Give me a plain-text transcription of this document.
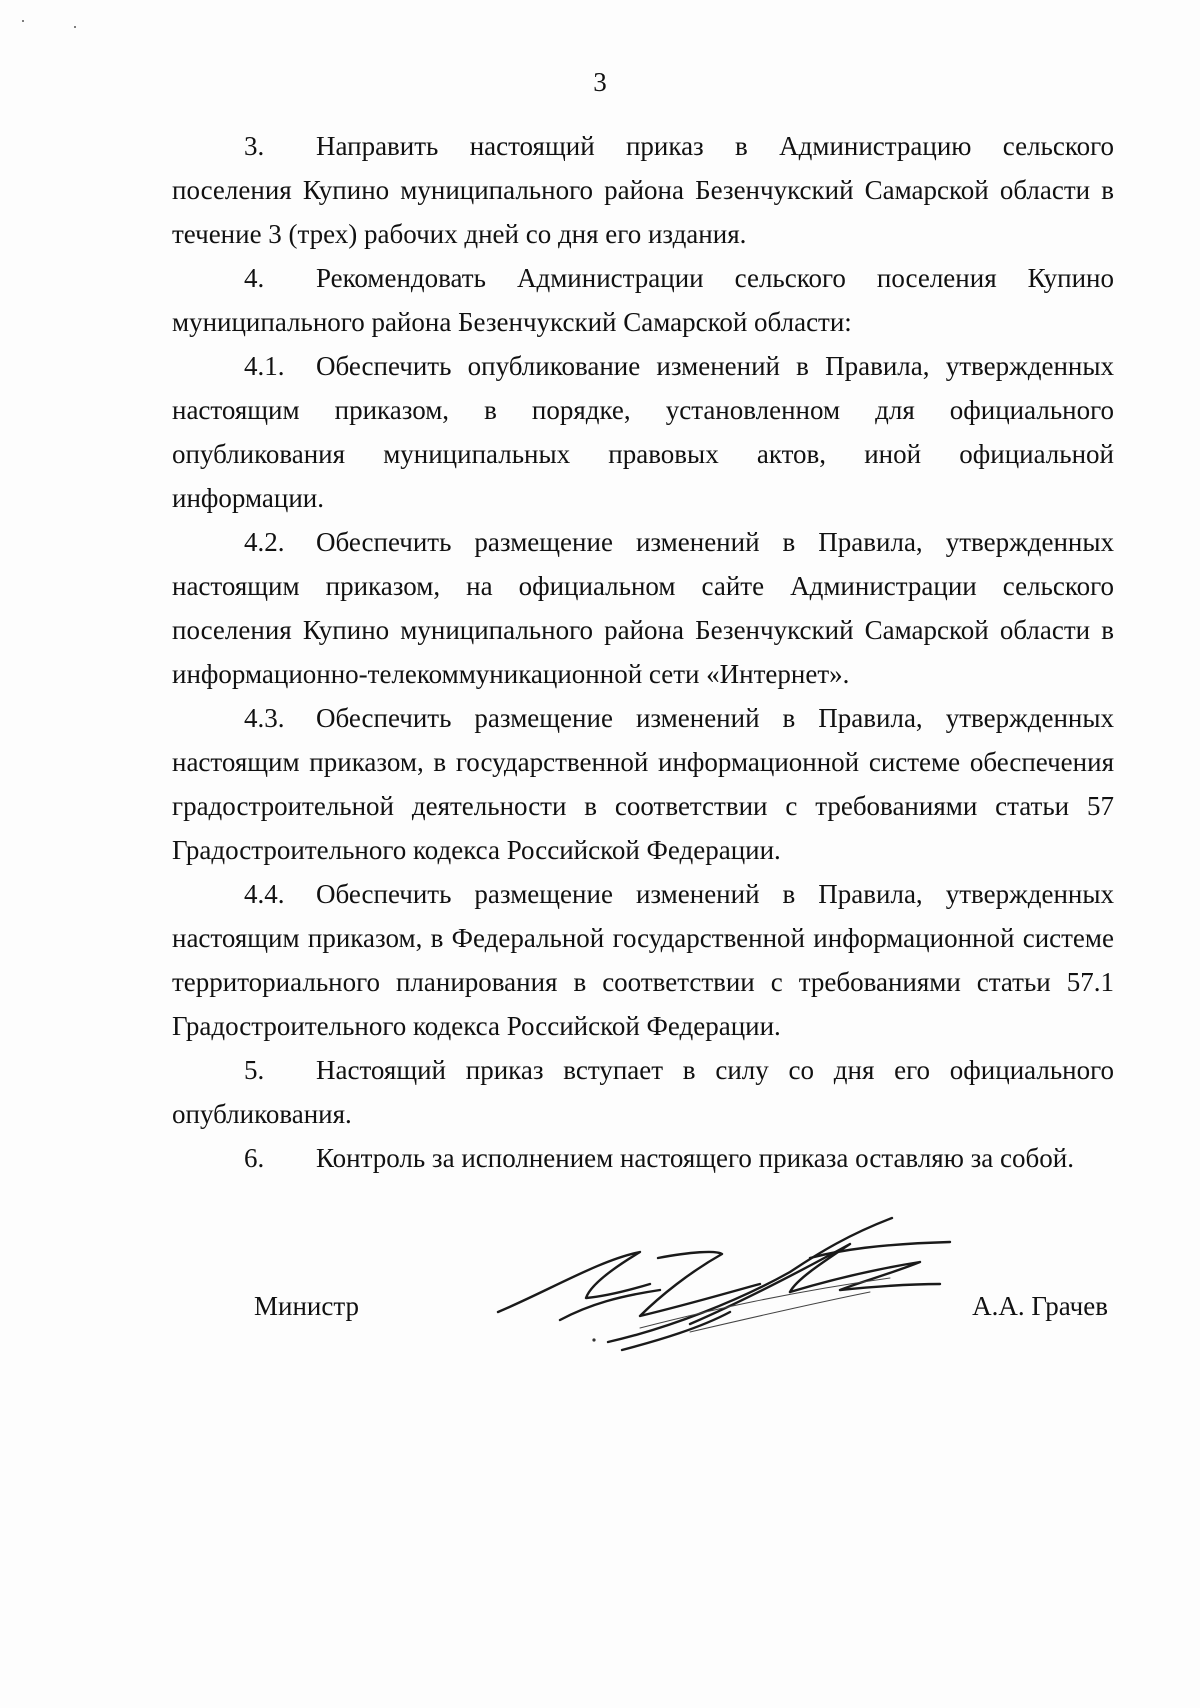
3

3. Направить настоящий приказ в Администрацию сельского поселения Купино муниципального района Безенчукский Самарской области в течение 3 (трех) рабочих дней со дня его издания.

4. Рекомендовать Администрации сельского поселения Купино муниципального района Безенчукский Самарской области:

4.1. Обеспечить опубликование изменений в Правила, утвержденных настоящим приказом, в порядке, установленном для официального опубликования муниципальных правовых актов, иной официальной информации.

4.2. Обеспечить размещение изменений в Правила, утвержденных настоящим приказом, на официальном сайте Администрации сельского поселения Купино муниципального района Безенчукский Самарской области в информационно-телекоммуникационной сети «Интернет».

4.3. Обеспечить размещение изменений в Правила, утвержденных настоящим приказом, в государственной информационной системе обеспечения градостроительной деятельности в соответствии с требованиями статьи 57 Градостроительного кодекса Российской Федерации.

4.4. Обеспечить размещение изменений в Правила, утвержденных настоящим приказом, в Федеральной государственной информационной системе территориального планирования в соответствии с требованиями статьи 57.1 Градостроительного кодекса Российской Федерации.

5. Настоящий приказ вступает в силу со дня его официального опубликования.

6. Контроль за исполнением настоящего приказа оставляю за собой.

Министр	А.А. Грачев
